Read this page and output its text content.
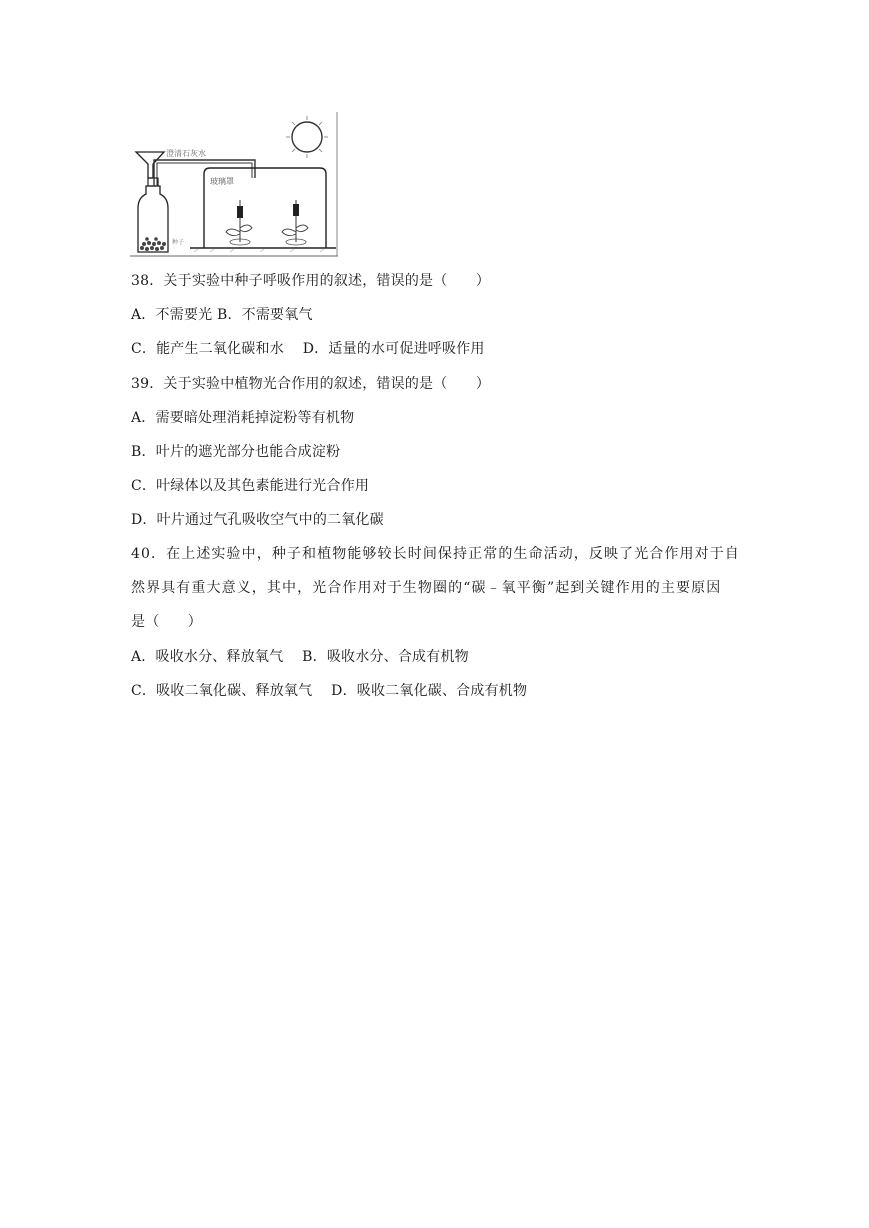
澄清石灰水
种子
玻璃罩
38．关于实验中种子呼吸作用的叙述，错误的是（　　）
A．不需要光 B．不需要氧气
C．能产生二氧化碳和水　 D．适量的水可促进呼吸作用
39．关于实验中植物光合作用的叙述，错误的是（　　）
A．需要暗处理消耗掉淀粉等有机物
B．叶片的遮光部分也能合成淀粉
C．叶绿体以及其色素能进行光合作用
D．叶片通过气孔吸收空气中的二氧化碳
40．在上述实验中，种子和植物能够较长时间保持正常的生命活动，反映了光合作用对于自
然界具有重大意义，其中，光合作用对于生物圈的“碳﹣氧平衡”起到关键作用的主要原因
是（　　）
A．吸收水分、释放氧气　 B．吸收水分、合成有机物
C．吸收二氧化碳、释放氧气　 D．吸收二氧化碳、合成有机物
